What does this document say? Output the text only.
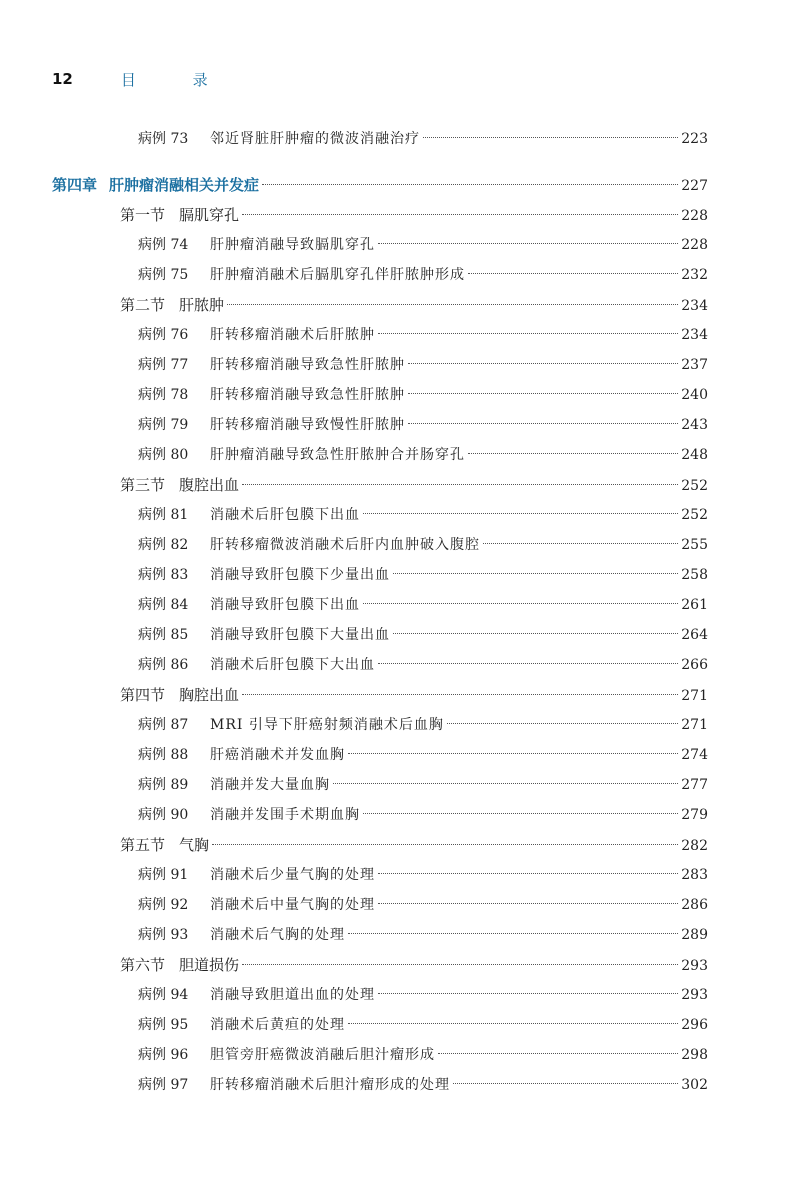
12	目 录
病例 73	邻近肾脏肝肿瘤的微波消融治疗	223
第四章 肝肿瘤消融相关并发症	227
第一节 膈肌穿孔	228
病例 74	肝肿瘤消融导致膈肌穿孔	228
病例 75	肝肿瘤消融术后膈肌穿孔伴肝脓肿形成	232
第二节 肝脓肿	234
病例 76	肝转移瘤消融术后肝脓肿	234
病例 77	肝转移瘤消融导致急性肝脓肿	237
病例 78	肝转移瘤消融导致急性肝脓肿	240
病例 79	肝转移瘤消融导致慢性肝脓肿	243
病例 80	肝肿瘤消融导致急性肝脓肿合并肠穿孔	248
第三节 腹腔出血	252
病例 81	消融术后肝包膜下出血	252
病例 82	肝转移瘤微波消融术后肝内血肿破入腹腔	255
病例 83	消融导致肝包膜下少量出血	258
病例 84	消融导致肝包膜下出血	261
病例 85	消融导致肝包膜下大量出血	264
病例 86	消融术后肝包膜下大出血	266
第四节 胸腔出血	271
病例 87	MRI 引导下肝癌射频消融术后血胸	271
病例 88	肝癌消融术并发血胸	274
病例 89	消融并发大量血胸	277
病例 90	消融并发围手术期血胸	279
第五节 气胸	282
病例 91	消融术后少量气胸的处理	283
病例 92	消融术后中量气胸的处理	286
病例 93	消融术后气胸的处理	289
第六节 胆道损伤	293
病例 94	消融导致胆道出血的处理	293
病例 95	消融术后黄疸的处理	296
病例 96	胆管旁肝癌微波消融后胆汁瘤形成	298
病例 97	肝转移瘤消融术后胆汁瘤形成的处理	302
